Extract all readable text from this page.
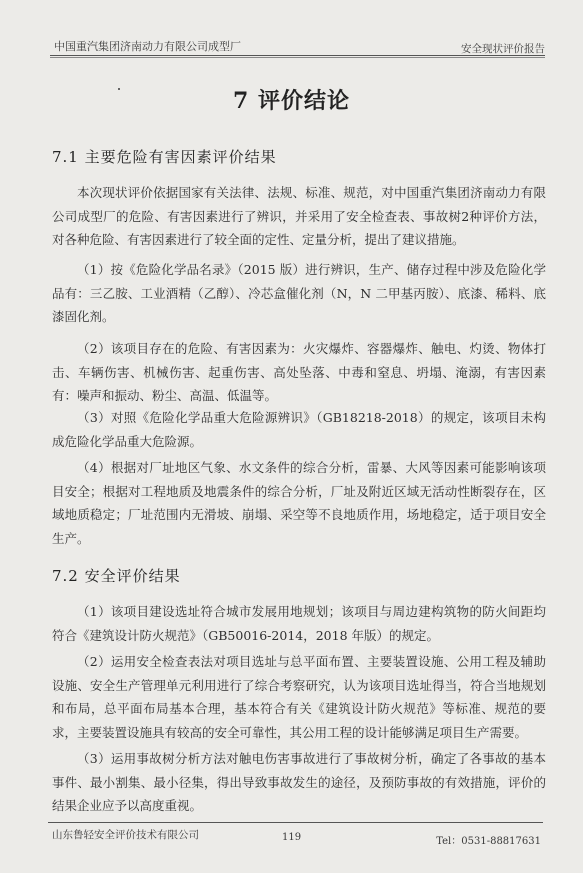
中国重汽集团济南动力有限公司成型厂	安全现状评价报告
7 评价结论
7.1 主要危险有害因素评价结果

本次现状评价依据国家有关法律、法规、标准、规范，对中国重汽集团济南动力有限公司成型厂的危险、有害因素进行了辨识，并采用了安全检查表、事故树2种评价方法，对各种危险、有害因素进行了较全面的定性、定量分析，提出了建议措施。

（1）按《危险化学品名录》（2015 版）进行辨识，生产、储存过程中涉及危险化学品有：三乙胺、工业酒精（乙醇）、冷芯盒催化剂（N，N 二甲基丙胺）、底漆、稀料、底漆固化剂。

（2）该项目存在的危险、有害因素为：火灾爆炸、容器爆炸、触电、灼烫、物体打击、车辆伤害、机械伤害、起重伤害、高处坠落、中毒和窒息、坍塌、淹溺，有害因素有：噪声和振动、粉尘、高温、低温等。

（3）对照《危险化学品重大危险源辨识》（GB18218-2018）的规定，该项目未构成危险化学品重大危险源。

（4）根据对厂址地区气象、水文条件的综合分析，雷暴、大风等因素可能影响该项目安全；根据对工程地质及地震条件的综合分析，厂址及附近区域无活动性断裂存在，区域地质稳定；厂址范围内无滑坡、崩塌、采空等不良地质作用，场地稳定，适于项目安全生产。

7.2 安全评价结果

（1）该项目建设选址符合城市发展用地规划；该项目与周边建构筑物的防火间距均符合《建筑设计防火规范》（GB50016-2014，2018 年版）的规定。

（2）运用安全检查表法对项目选址与总平面布置、主要装置设施、公用工程及辅助设施、安全生产管理单元利用进行了综合考察研究，认为该项目选址得当，符合当地规划和布局，总平面布局基本合理，基本符合有关《建筑设计防火规范》等标准、规范的要求，主要装置设施具有较高的安全可靠性，其公用工程的设计能够满足项目生产需要。

（3）运用事故树分析方法对触电伤害事故进行了事故树分析，确定了各事故的基本事件、最小割集、最小径集，得出导致事故发生的途径，及预防事故的有效措施，评价的结果企业应予以高度重视。

山东鲁轻安全评价技术有限公司	119	Tel：0531-88817631
